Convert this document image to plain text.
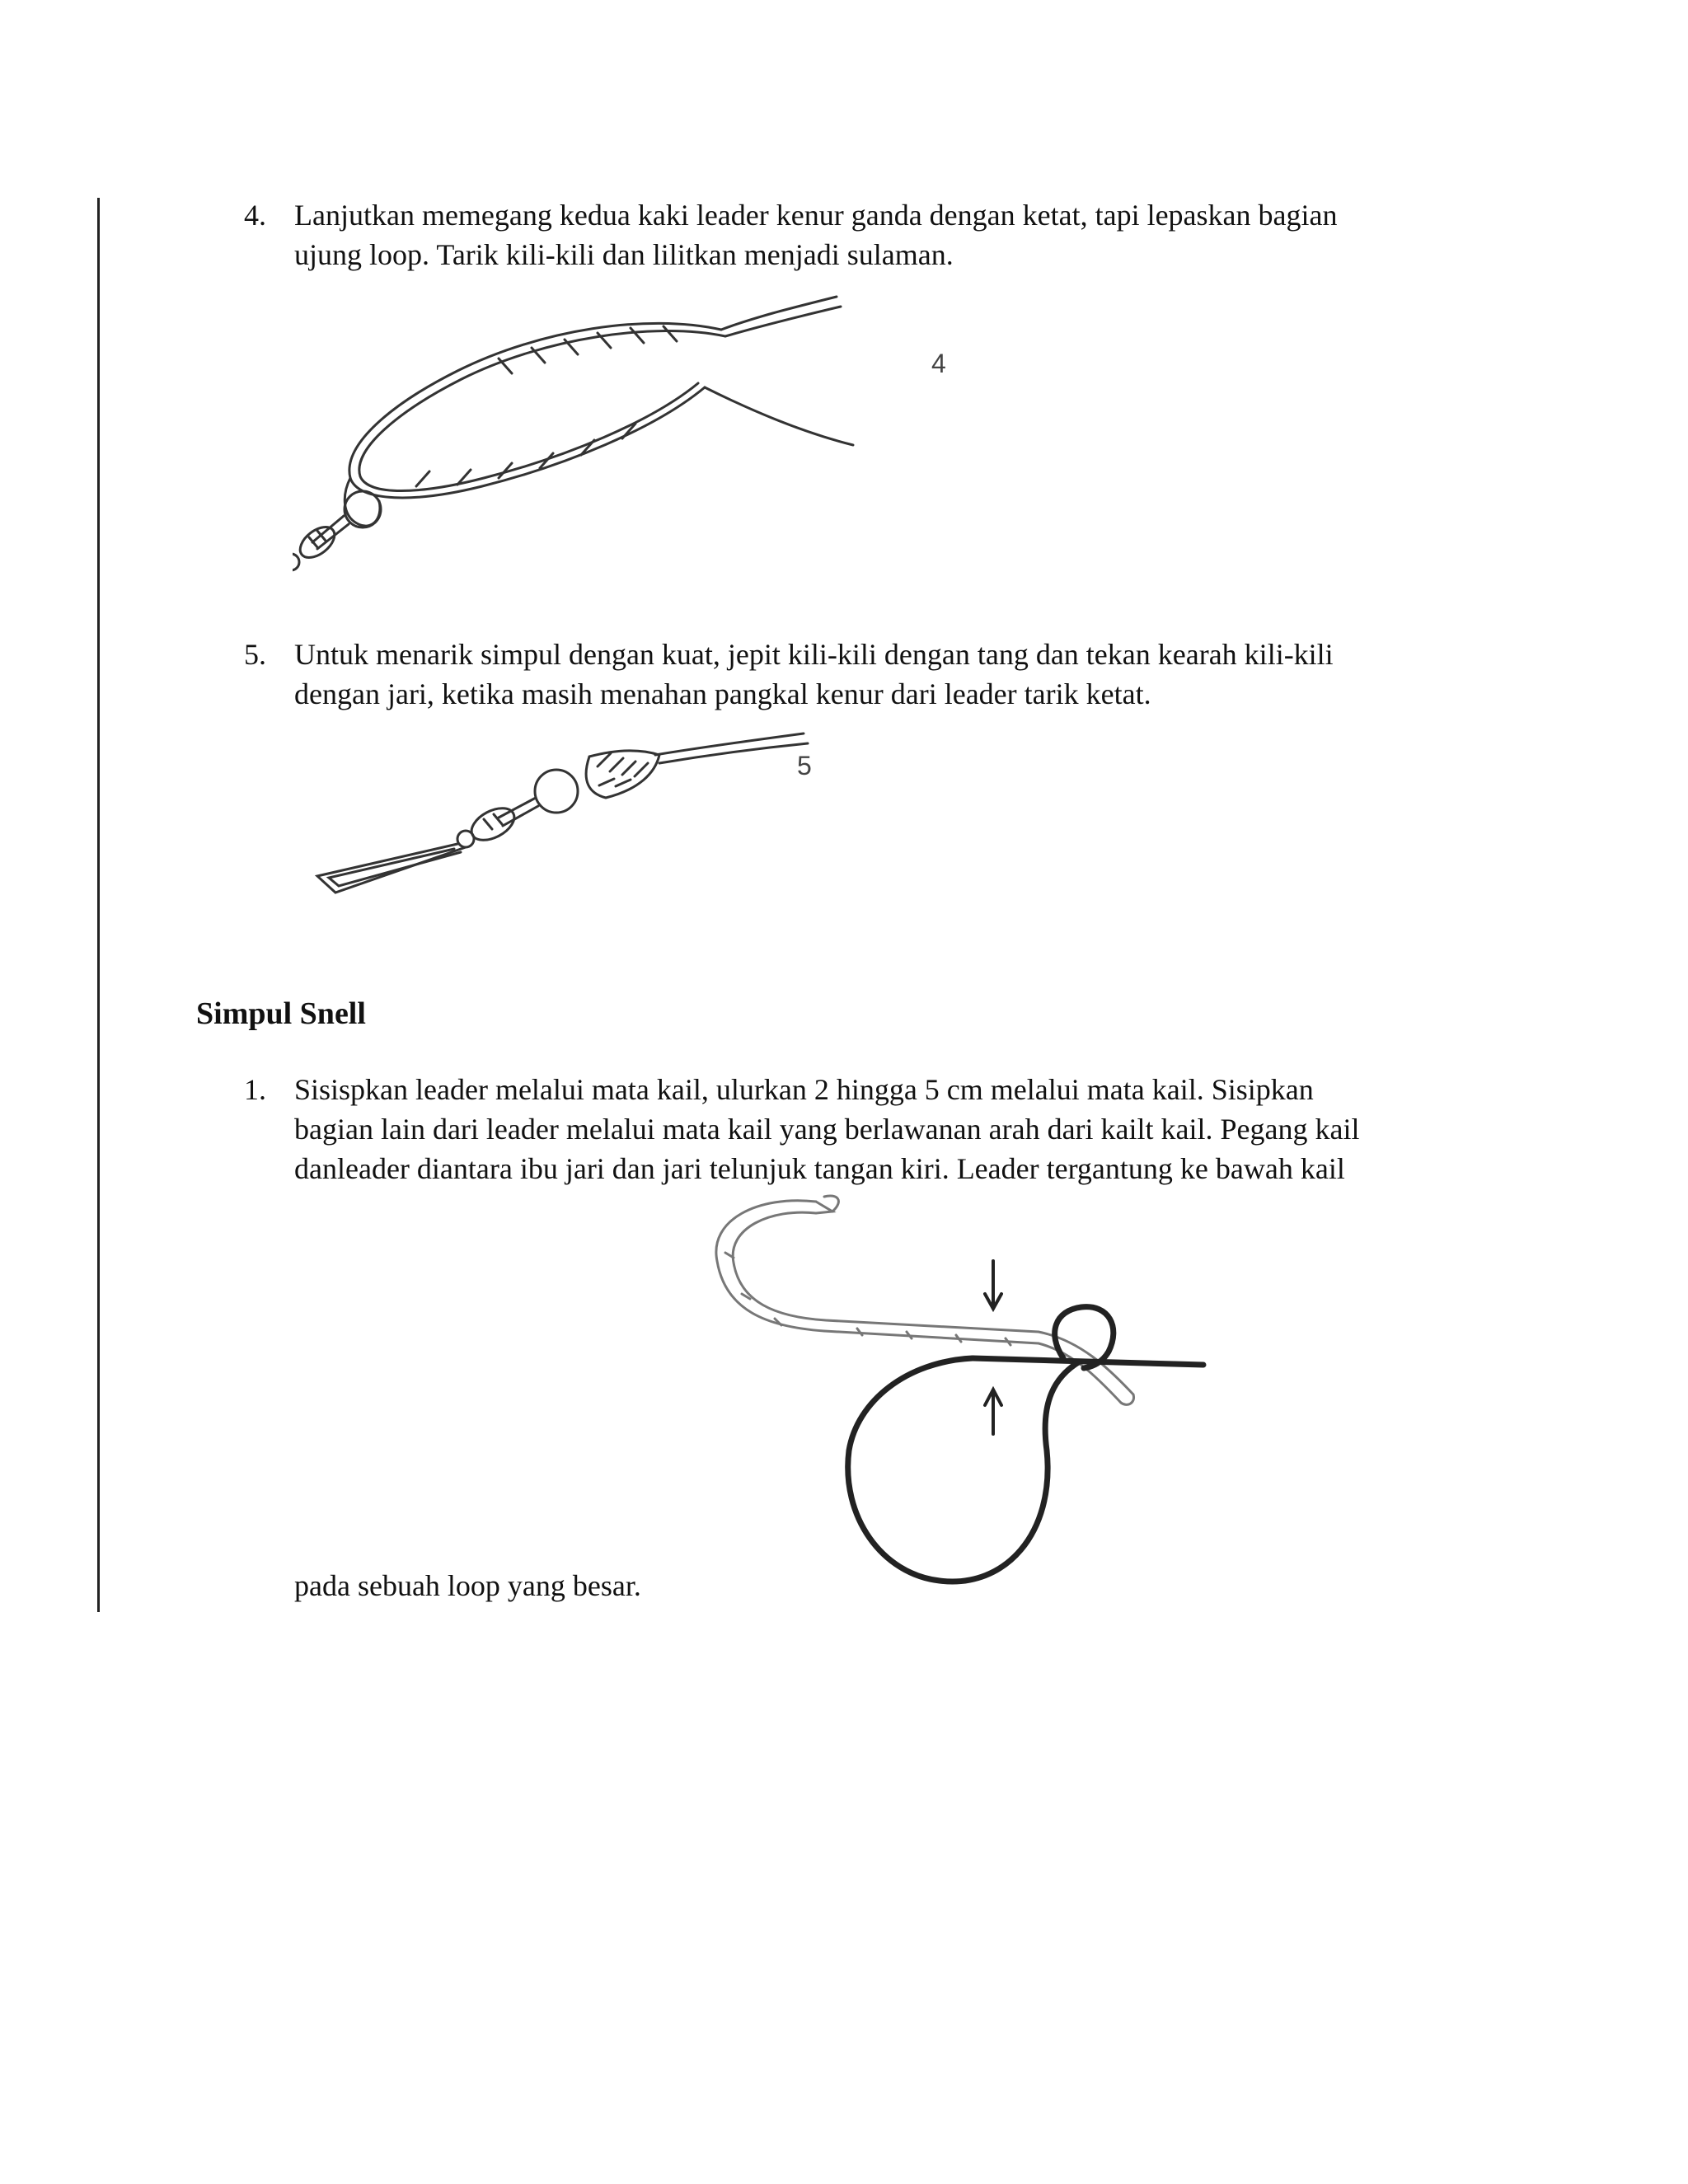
4. Lanjutkan memegang kedua kaki leader kenur ganda dengan ketat, tapi lepaskan bagian
ujung loop. Tarik kili-kili dan lilitkan menjadi sulaman.
4
5. Untuk menarik simpul dengan kuat, jepit kili-kili dengan tang dan tekan kearah kili-kili
dengan jari, ketika masih menahan pangkal kenur dari leader tarik ketat.
5
Simpul Snell
1. Sisispkan leader melalui mata kail, ulurkan 2 hingga 5 cm melalui mata kail. Sisipkan
bagian lain dari leader melalui mata kail yang berlawanan arah dari kailt kail. Pegang kail
danleader diantara ibu jari dan jari telunjuk tangan kiri. Leader tergantung ke bawah kail
pada sebuah loop yang besar.
